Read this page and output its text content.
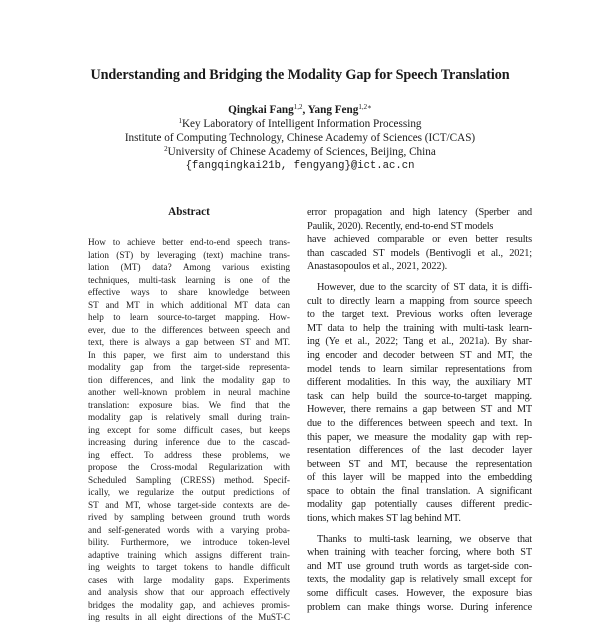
Understanding and Bridging the Modality Gap for Speech Translation
Qingkai Fang$^{1,2}$, Yang Feng$^{1,2∗}$
$^1$Key Laboratory of Intelligent Information Processing
Institute of Computing Technology, Chinese Academy of Sciences (ICT/CAS)
$^2$University of Chinese Academy of Sciences, Beijing, China
{fangqingkai21b, fengyang}@ict.ac.cn
Abstract
How to achieve better end-to-end speech trans-
lation (ST) by leveraging (text) machine trans-
lation (MT) data? Among various existing
techniques, multi-task learning is one of the
effective ways to share knowledge between
ST and MT in which additional MT data can
help to learn source-to-target mapping. How-
ever, due to the differences between speech and
text, there is always a gap between ST and MT.
In this paper, we first aim to understand this
modality gap from the target-side representa-
tion differences, and link the modality gap to
another well-known problem in neural machine
translation: exposure bias. We find that the
modality gap is relatively small during train-
ing except for some difficult cases, but keeps
increasing during inference due to the cascad-
ing effect. To address these problems, we
propose the Cross-modal Regularization with
Scheduled Sampling (CRESS) method. Specif-
ically, we regularize the output predictions of
ST and MT, whose target-side contexts are de-
rived by sampling between ground truth words
and self-generated words with a varying proba-
bility. Furthermore, we introduce token-level
adaptive training which assigns different train-
ing weights to target tokens to handle difficult
cases with large modality gaps. Experiments
and analysis show that our approach effectively
bridges the modality gap, and achieves promis-
ing results in all eight directions of the MuST-C
error propagation and high latency (Sperber and
Paulik, 2020). Recently, end-to-end ST models
have achieved comparable or even better results
than cascaded ST models (Bentivogli et al., 2021;
Anastasopoulos et al., 2021, 2022).
However, due to the scarcity of ST data, it is diffi-
cult to directly learn a mapping from source speech
to the target text. Previous works often leverage
MT data to help the training with multi-task learn-
ing (Ye et al., 2022; Tang et al., 2021a). By shar-
ing encoder and decoder between ST and MT, the
model tends to learn similar representations from
different modalities. In this way, the auxiliary MT
task can help build the source-to-target mapping.
However, there remains a gap between ST and MT
due to the differences between speech and text. In
this paper, we measure the modality gap with rep-
resentation differences of the last decoder layer
between ST and MT, because the representation
of this layer will be mapped into the embedding
space to obtain the final translation. A significant
modality gap potentially causes different predic-
tions, which makes ST lag behind MT.
Thanks to multi-task learning, we observe that
when training with teacher forcing, where both ST
and MT use ground truth words as target-side con-
texts, the modality gap is relatively small except for
some difficult cases. However, the exposure bias
problem can make things worse. During inference
